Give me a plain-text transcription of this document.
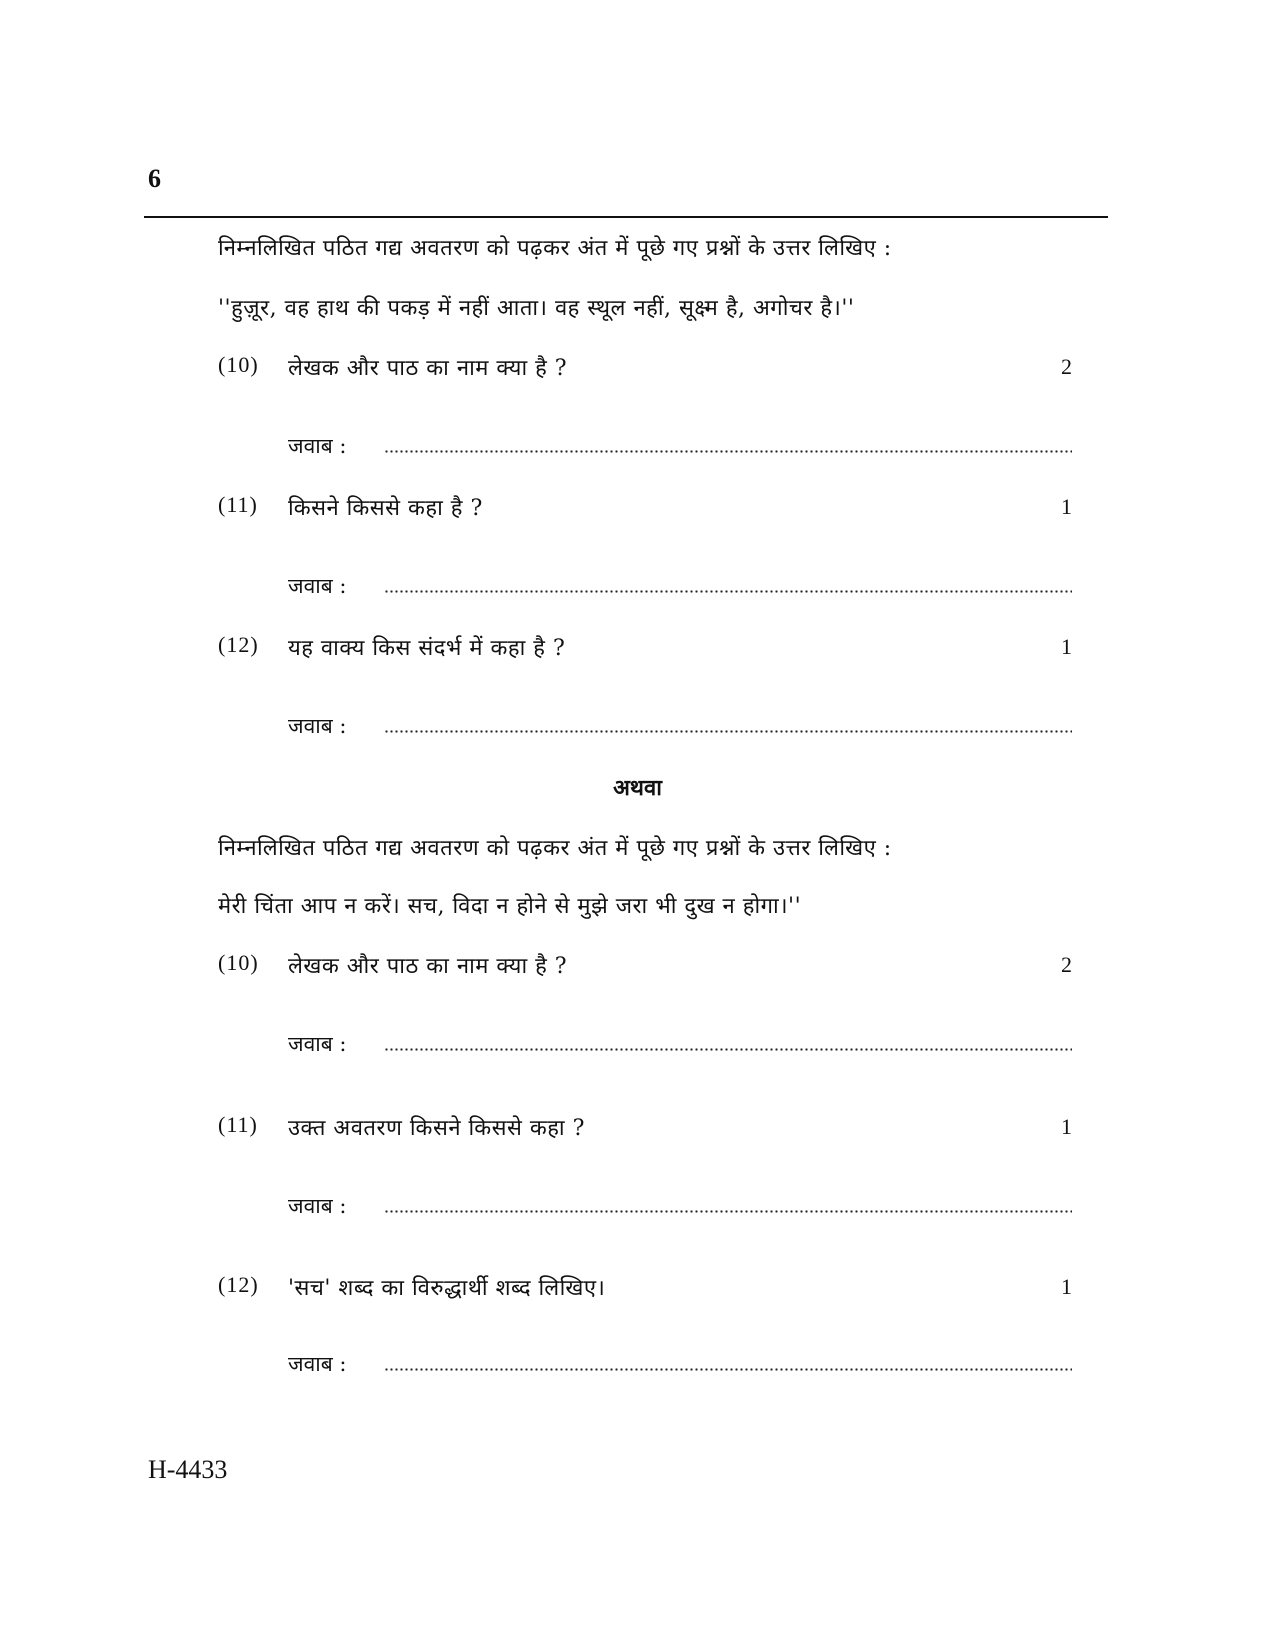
6
निम्नलिखित पठित गद्य अवतरण को पढ़कर अंत में पूछे गए प्रश्नों के उत्तर लिखिए :
''हुज़ूर, वह हाथ की पकड़ में नहीं आता। वह स्थूल नहीं, सूक्ष्म है, अगोचर है।''
(10) लेखक और पाठ का नाम क्या है ?	2
जवाब :
(11) किसने किससे कहा है ?	1
जवाब :
(12) यह वाक्य किस संदर्भ में कहा है ?	1
जवाब :
अथवा
निम्नलिखित पठित गद्य अवतरण को पढ़कर अंत में पूछे गए प्रश्नों के उत्तर लिखिए :
मेरी चिंता आप न करें। सच, विदा न होने से मुझे जरा भी दुख न होगा।''
(10) लेखक और पाठ का नाम क्या है ?	2
जवाब :
(11) उक्त अवतरण किसने किससे कहा ?	1
जवाब :
(12) 'सच' शब्द का विरुद्धार्थी शब्द लिखिए।	1
जवाब :
H-4433
